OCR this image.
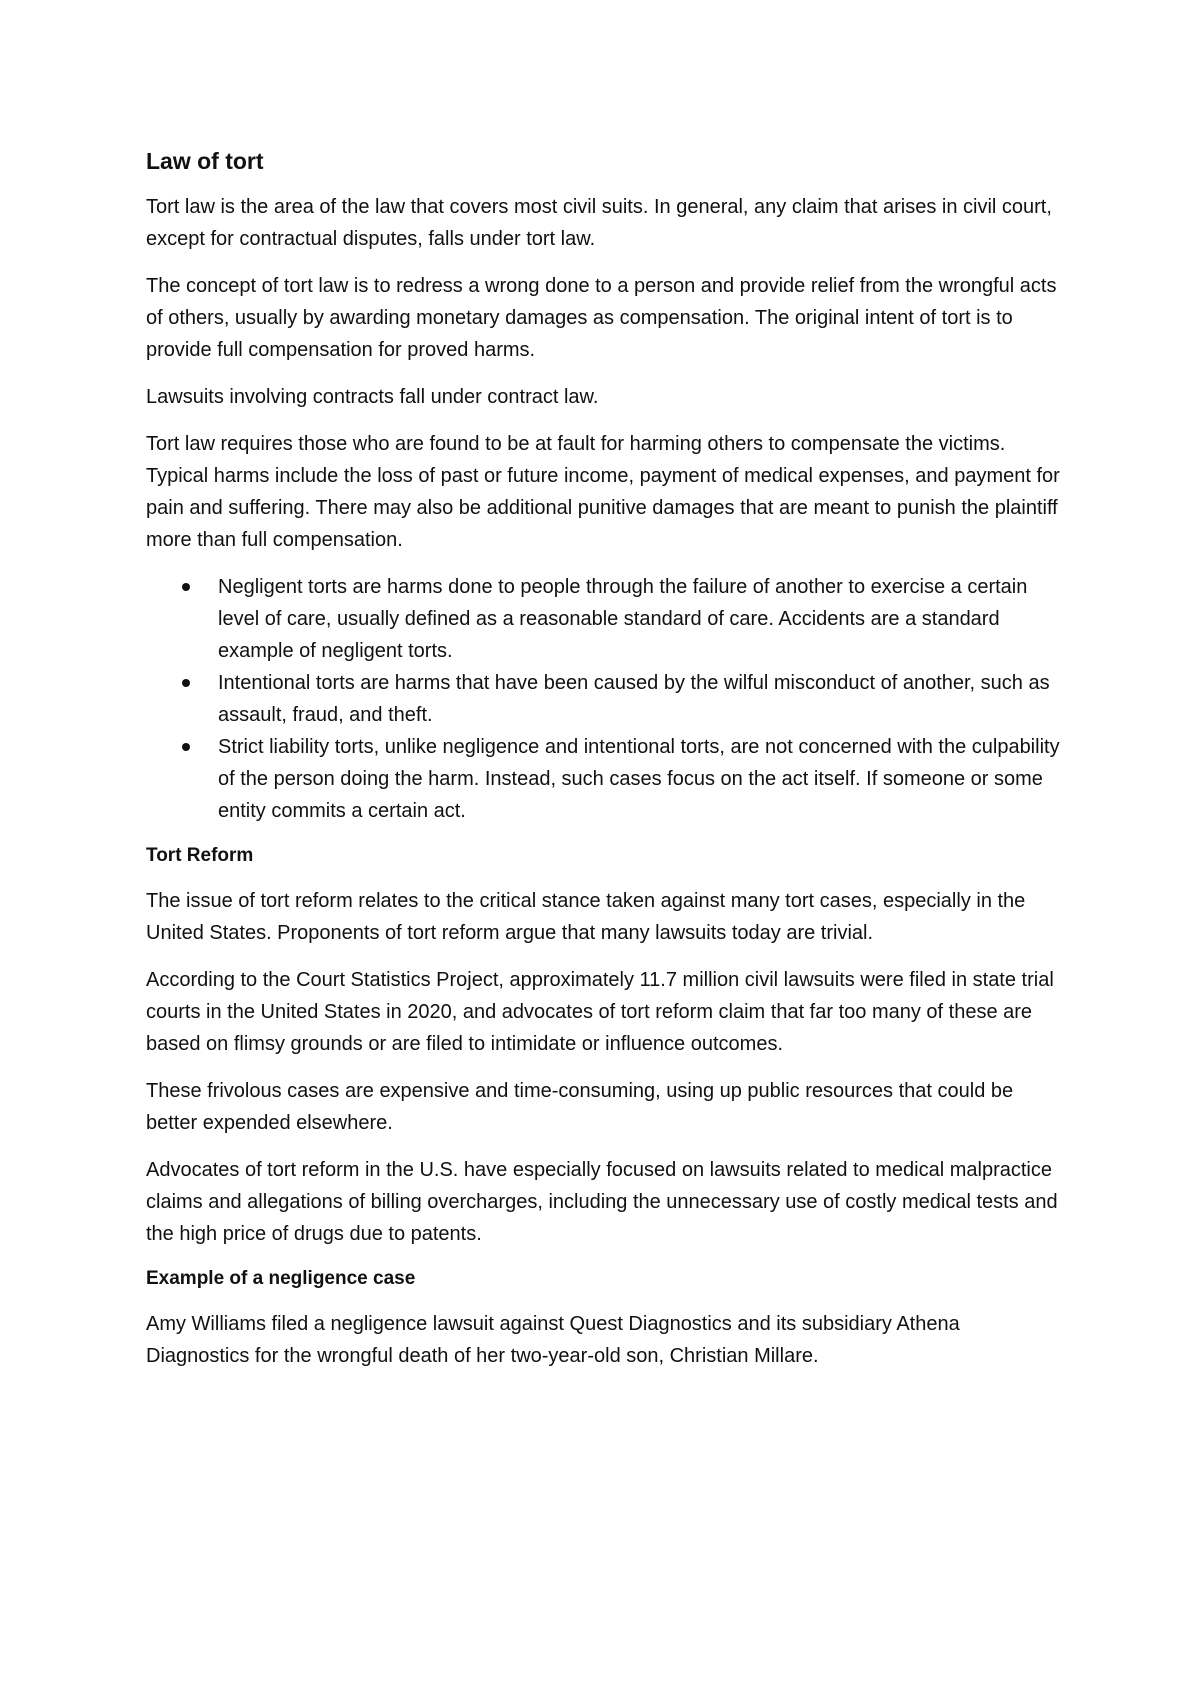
Law of tort

Tort law is the area of the law that covers most civil suits. In general, any claim that arises in civil court, except for contractual disputes, falls under tort law.

The concept of tort law is to redress a wrong done to a person and provide relief from the wrongful acts of others, usually by awarding monetary damages as compensation. The original intent of tort is to provide full compensation for proved harms.

Lawsuits involving contracts fall under contract law.

Tort law requires those who are found to be at fault for harming others to compensate the victims. Typical harms include the loss of past or future income, payment of medical expenses, and payment for pain and suffering. There may also be additional punitive damages that are meant to punish the plaintiff more than full compensation.

Negligent torts are harms done to people through the failure of another to exercise a certain level of care, usually defined as a reasonable standard of care. Accidents are a standard example of negligent torts.
Intentional torts are harms that have been caused by the wilful misconduct of another, such as assault, fraud, and theft.
Strict liability torts, unlike negligence and intentional torts, are not concerned with the culpability of the person doing the harm. Instead, such cases focus on the act itself. If someone or some entity commits a certain act.
Tort Reform

The issue of tort reform relates to the critical stance taken against many tort cases, especially in the United States. Proponents of tort reform argue that many lawsuits today are trivial.

According to the Court Statistics Project, approximately 11.7 million civil lawsuits were filed in state trial courts in the United States in 2020, and advocates of tort reform claim that far too many of these are based on flimsy grounds or are filed to intimidate or influence outcomes.

These frivolous cases are expensive and time-consuming, using up public resources that could be better expended elsewhere.

Advocates of tort reform in the U.S. have especially focused on lawsuits related to medical malpractice claims and allegations of billing overcharges, including the unnecessary use of costly medical tests and the high price of drugs due to patents.

Example of a negligence case

Amy Williams filed a negligence lawsuit against Quest Diagnostics and its subsidiary Athena Diagnostics for the wrongful death of her two-year-old son, Christian Millare.
